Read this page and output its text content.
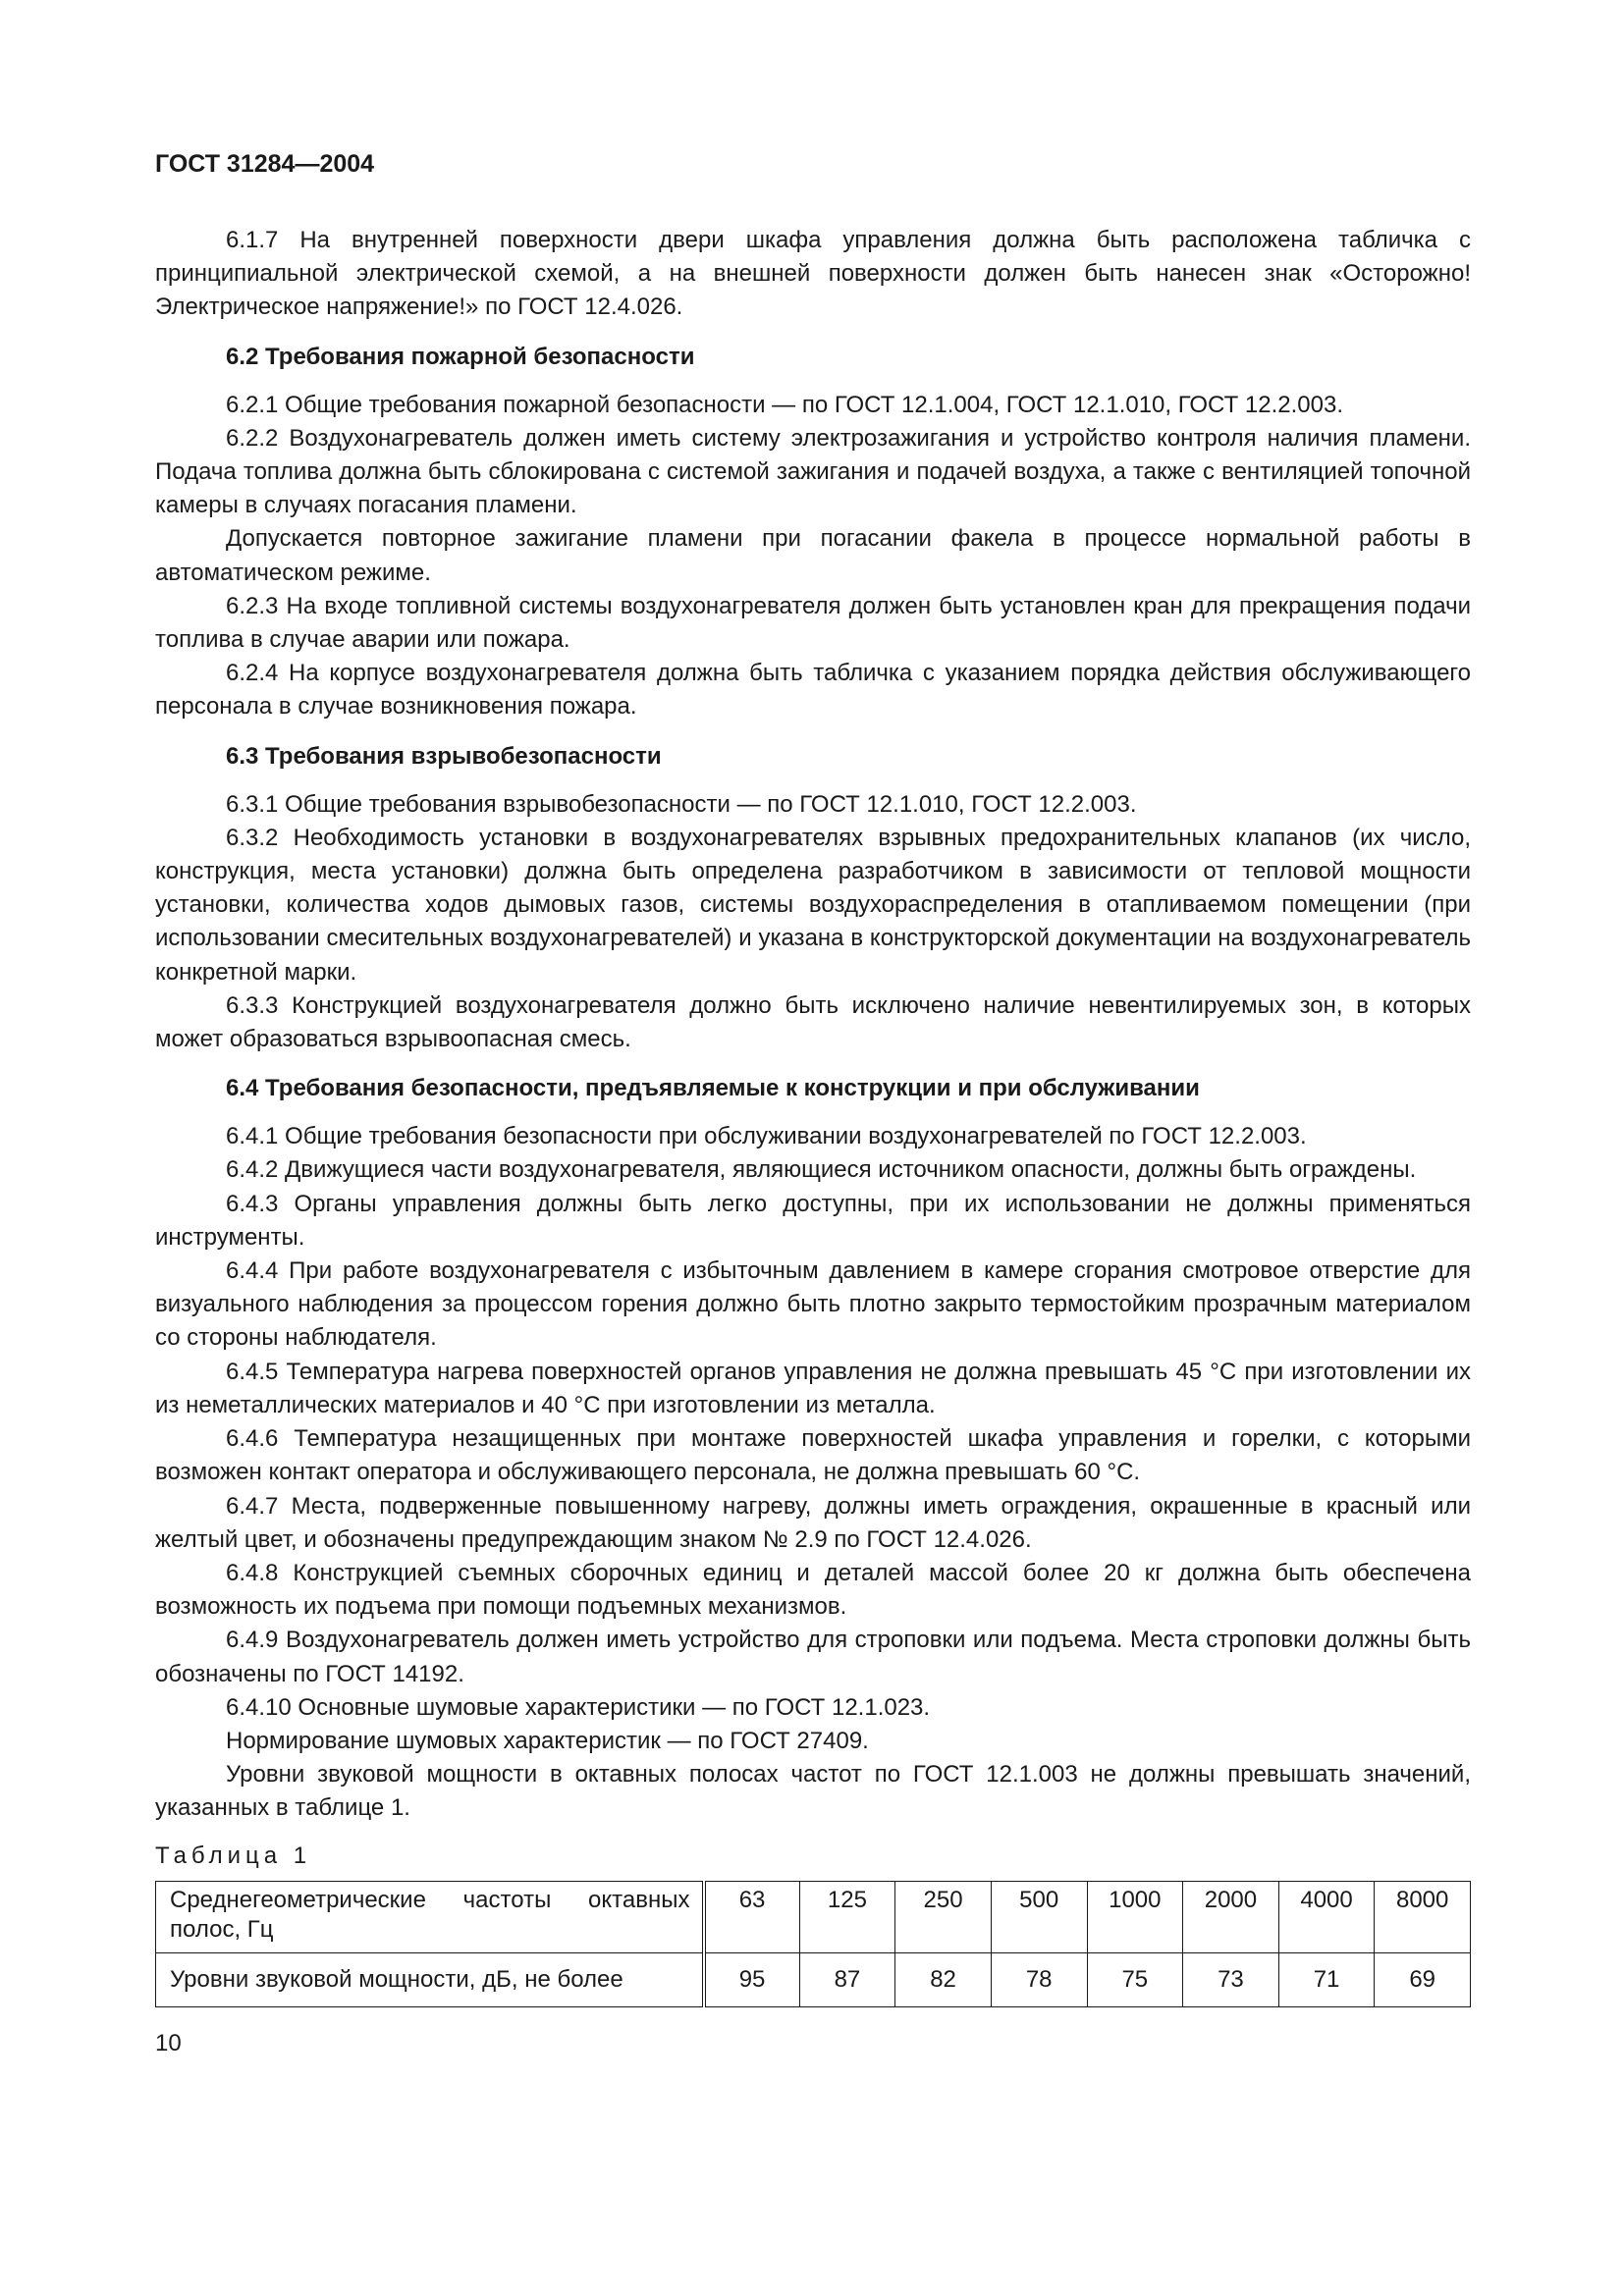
ГОСТ 31284—2004

6.1.7 На внутренней поверхности двери шкафа управления должна быть расположена табличка с принципиальной электрической схемой, а на внешней поверхности должен быть нанесен знак «Осторожно! Электрическое напряжение!» по ГОСТ 12.4.026.

6.2 Требования пожарной безопасности

6.2.1 Общие требования пожарной безопасности — по ГОСТ 12.1.004, ГОСТ 12.1.010, ГОСТ 12.2.003.

6.2.2 Воздухонагреватель должен иметь систему электрозажигания и устройство контроля наличия пламени. Подача топлива должна быть сблокирована с системой зажигания и подачей воздуха, а также с вентиляцией топочной камеры в случаях погасания пламени.

Допускается повторное зажигание пламени при погасании факела в процессе нормальной работы в автоматическом режиме.

6.2.3 На входе топливной системы воздухонагревателя должен быть установлен кран для прекращения подачи топлива в случае аварии или пожара.

6.2.4 На корпусе воздухонагревателя должна быть табличка с указанием порядка действия обслуживающего персонала в случае возникновения пожара.

6.3 Требования взрывобезопасности

6.3.1 Общие требования взрывобезопасности — по ГОСТ 12.1.010, ГОСТ 12.2.003.

6.3.2 Необходимость установки в воздухонагревателях взрывных предохранительных клапанов (их число, конструкция, места установки) должна быть определена разработчиком в зависимости от тепловой мощности установки, количества ходов дымовых газов, системы воздухораспределения в отапливаемом помещении (при использовании смесительных воздухонагревателей) и указана в конструкторской документации на воздухонагреватель конкретной марки.

6.3.3 Конструкцией воздухонагревателя должно быть исключено наличие невентилируемых зон, в которых может образоваться взрывоопасная смесь.

6.4 Требования безопасности, предъявляемые к конструкции и при обслуживании

6.4.1 Общие требования безопасности при обслуживании воздухонагревателей по ГОСТ 12.2.003.

6.4.2 Движущиеся части воздухонагревателя, являющиеся источником опасности, должны быть ограждены.

6.4.3 Органы управления должны быть легко доступны, при их использовании не должны применяться инструменты.

6.4.4 При работе воздухонагревателя с избыточным давлением в камере сгорания смотровое отверстие для визуального наблюдения за процессом горения должно быть плотно закрыто термостойким прозрачным материалом со стороны наблюдателя.

6.4.5 Температура нагрева поверхностей органов управления не должна превышать 45 °С при изготовлении их из неметаллических материалов и 40 °С при изготовлении из металла.

6.4.6 Температура незащищенных при монтаже поверхностей шкафа управления и горелки, с которыми возможен контакт оператора и обслуживающего персонала, не должна превышать 60 °С.

6.4.7 Места, подверженные повышенному нагреву, должны иметь ограждения, окрашенные в красный или желтый цвет, и обозначены предупреждающим знаком № 2.9 по ГОСТ 12.4.026.

6.4.8 Конструкцией съемных сборочных единиц и деталей массой более 20 кг должна быть обеспечена возможность их подъема при помощи подъемных механизмов.

6.4.9 Воздухонагреватель должен иметь устройство для строповки или подъема. Места строповки должны быть обозначены по ГОСТ 14192.

6.4.10 Основные шумовые характеристики — по ГОСТ 12.1.023.

Нормирование шумовых характеристик — по ГОСТ 27409.

Уровни звуковой мощности в октавных полосах частот по ГОСТ 12.1.003 не должны превышать значений, указанных в таблице 1.

Таблица 1
Среднегеометрические частоты октавных полос, Гц	63	125	250	500	1000	2000	4000	8000
Уровни звуковой мощности, дБ, не более	95	87	82	78	75	73	71	69
10
